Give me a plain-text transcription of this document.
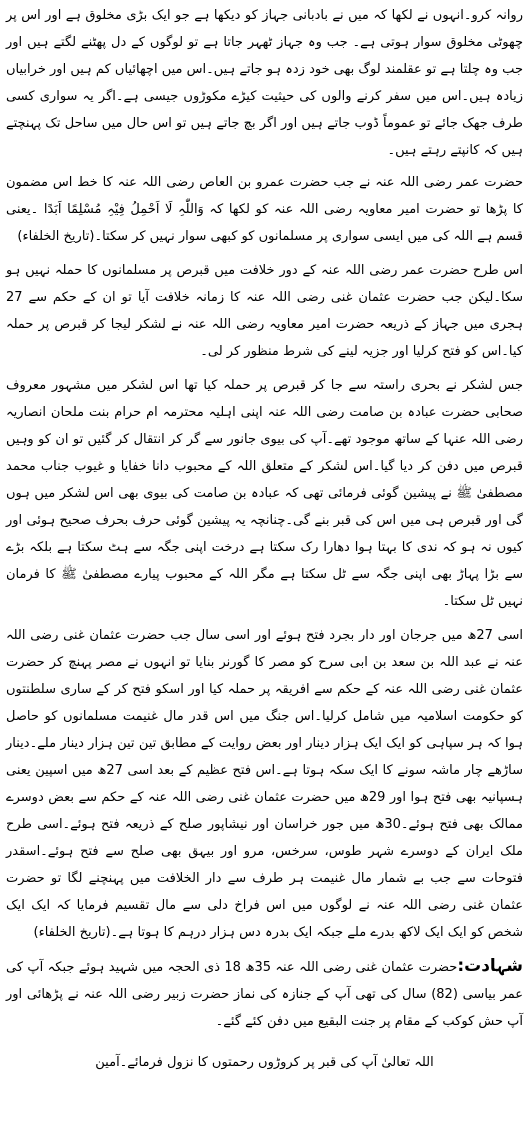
روانہ کرو۔انہوں نے لکھا کہ میں نے بادبانی جہاز کو دیکھا ہے جو ایک بڑی مخلوق ہے اور اس پر چھوٹی مخلوق سوار ہوتی ہے۔ جب وہ جہاز ٹھہر جاتا ہے تو لوگوں کے دل پھٹنے لگتے ہیں اور جب وہ چلتا ہے تو عقلمند لوگ بھی خود زدہ ہو جاتے ہیں۔اس میں اچھائیاں کم ہیں اور خرابیاں زیادہ ہیں۔اس میں سفر کرنے والوں کی حیثیت کیڑے مکوڑوں جیسی ہے۔اگر یہ سواری کسی طرف جھک جائے تو عموماً ڈوب جاتے ہیں اور اگر بچ جاتے ہیں تو اس حال میں ساحل تک پہنچتے ہیں کہ کانپتے رہتے ہیں۔

حضرت عمر رضی اللہ عنہ نے جب حضرت عمرو بن العاص رضی اللہ عنہ کا خط اس مضمون کا پڑھا تو حضرت امیر معاویہ رضی اللہ عنہ کو لکھا کہ وَاللّٰہِ لَا اَحْمِلُ فِیْہِ مُسْلِمًا اَبَدًا ۔یعنی قسم ہے اللہ کی میں ایسی سواری پر مسلمانوں کو کبھی سوار نہیں کر سکتا۔(تاریخ الخلفاء)

اس طرح حضرت عمر رضی اللہ عنہ کے دور خلافت میں قبرص پر مسلمانوں کا حملہ نہیں ہو سکا۔لیکن جب حضرت عثمان غنی رضی اللہ عنہ کا زمانہ خلافت آیا تو ان کے حکم سے 27 ہجری میں جہاز کے ذریعہ حضرت امیر معاویہ رضی اللہ عنہ نے لشکر لیجا کر قبرص پر حملہ کیا۔اس کو فتح کرلیا اور جزیہ لینے کی شرط منظور کر لی۔

جس لشکر نے بحری راستہ سے جا کر قبرص پر حملہ کیا تھا اس لشکر میں مشہور معروف صحابی حضرت عبادہ بن صامت رضی اللہ عنہ اپنی اہلیہ محترمہ ام حرام بنت ملحان انصاریہ رضی اللہ عنہا کے ساتھ موجود تھے۔آپ کی بیوی جانور سے گر کر انتقال کر گئیں تو ان کو وہیں قبرص میں دفن کر دیا گیا۔اس لشکر کے متعلق اللہ کے محبوب دانا خفایا و غیوب جناب محمد مصطفیٰ ﷺ نے پیشین گوئی فرمائی تھی کہ عبادہ بن صامت کی بیوی بھی اس لشکر میں ہوں گی اور قبرص ہی میں اس کی قبر بنے گی۔چنانچہ یہ پیشین گوئی حرف بحرف صحیح ہوئی اور کیوں نہ ہو کہ ندی کا بہتا ہوا دھارا رک سکتا ہے درخت اپنی جگہ سے ہٹ سکتا ہے بلکہ بڑے سے بڑا پہاڑ بھی اپنی جگہ سے ٹل سکتا ہے مگر اللہ کے محبوب پیارے مصطفیٰ ﷺ کا فرمان نہیں ٹل سکتا۔

اسی 27ھ میں جرجان اور دار بجرد فتح ہوئے اور اسی سال جب حضرت عثمان غنی رضی اللہ عنہ نے عبد اللہ بن سعد بن ابی سرح کو مصر کا گورنر بنایا تو انہوں نے مصر پہنچ کر حضرت عثمان غنی رضی اللہ عنہ کے حکم سے افریقہ پر حملہ کیا اور اسکو فتح کر کے ساری سلطنتوں کو حکومت اسلامیہ میں شامل کرلیا۔اس جنگ میں اس قدر مال غنیمت مسلمانوں کو حاصل ہوا کہ ہر سپاہی کو ایک ایک ہزار دینار اور بعض روایت کے مطابق تین تین ہزار دینار ملے۔دینار ساڑھے چار ماشہ سونے کا ایک سکہ ہوتا ہے۔اس فتح عظیم کے بعد اسی 27ھ میں اسپین یعنی ہسپانیہ بھی فتح ہوا اور 29ھ میں حضرت عثمان غنی رضی اللہ عنہ کے حکم سے بعض دوسرے ممالک بھی فتح ہوئے۔30ھ میں جور خراسان اور نیشاپور صلح کے ذریعہ فتح ہوئے۔اسی طرح ملک ایران کے دوسرے شہر طوس، سرخس، مرو اور بیہق بھی صلح سے فتح ہوئے۔اسقدر فتوحات سے جب بے شمار مال غنیمت ہر طرف سے دار الخلافت میں پہنچنے لگا تو حضرت عثمان غنی رضی اللہ عنہ نے لوگوں میں اس فراخ دلی سے مال تقسیم فرمایا کہ ایک ایک شخص کو ایک ایک لاکھ بدرے ملے جبکہ ایک بدرہ دس ہزار درہم کا ہوتا ہے۔(تاریخ الخلفاء)

شہادت:حضرت عثمان غنی رضی اللہ عنہ 35ھ 18 ذی الحجہ میں شہید ہوئے جبکہ آپ کی عمر بیاسی (82) سال کی تھی آپ کے جنازہ کی نماز حضرت زبیر رضی اللہ عنہ نے پڑھائی اور آپ حش کوکب کے مقام پر جنت البقیع میں دفن کئے گئے۔

اللہ تعالیٰ آپ کی قبر پر کروڑوں رحمتوں کا نزول فرمائے۔آمین
